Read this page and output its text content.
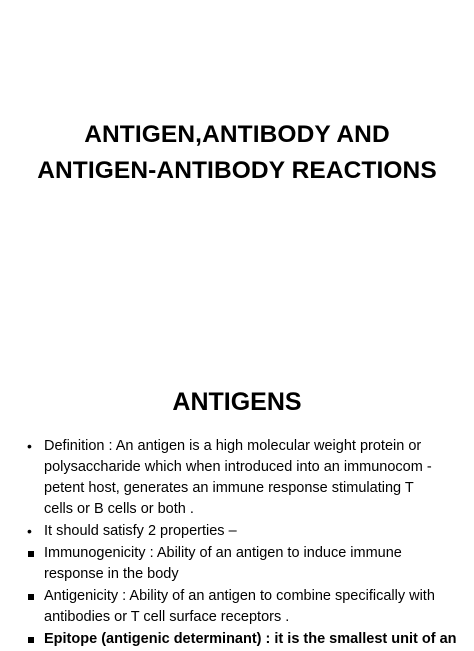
ANTIGEN,ANTIBODY AND
ANTIGEN-ANTIBODY REACTIONS
ANTIGENS
•
Definition : An antigen is a high molecular weight protein or
polysaccharide which when introduced into an immunocom -
petent host, generates an immune response stimulating T
cells or B cells or both .
•
It should satisfy 2 properties –
Immunogenicity : Ability of an antigen to induce immune
response in the body
Antigenicity : Ability of an antigen to combine specifically with
antibodies or T cell surface receptors .
Epitope (antigenic determinant) : it is the smallest unit of an
